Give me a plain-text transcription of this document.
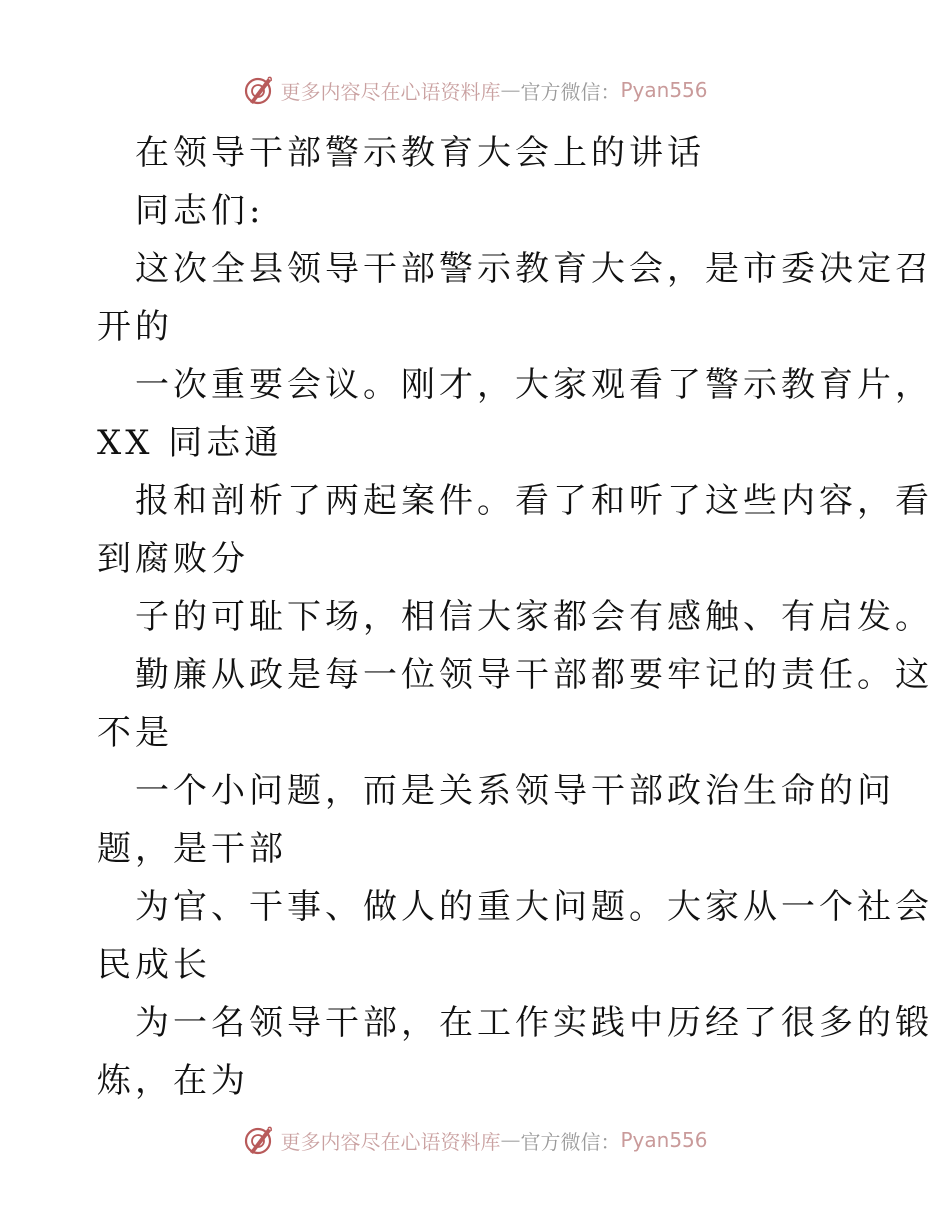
更多内容尽在心语资料库 — 官方微信： Pyan556
在领导干部警示教育大会上的讲话
同志们:
这次全县领导干部警示教育大会，是市委决定召
开的
一次重要会议。刚才，大家观看了警示教育片，
XX 同志通
报和剖析了两起案件。看了和听了这些内容，看
到腐败分
子的可耻下场，相信大家都会有感触、有启发。
勤廉从政是每一位领导干部都要牢记的责任。这
不是
一个小问题，而是关系领导干部政治生命的问
题，是干部
为官、干事、做人的重大问题。大家从一个社会
民成长
为一名领导干部，在工作实践中历经了很多的锻
炼，在为
更多内容尽在心语资料库 — 官方微信： Pyan556
